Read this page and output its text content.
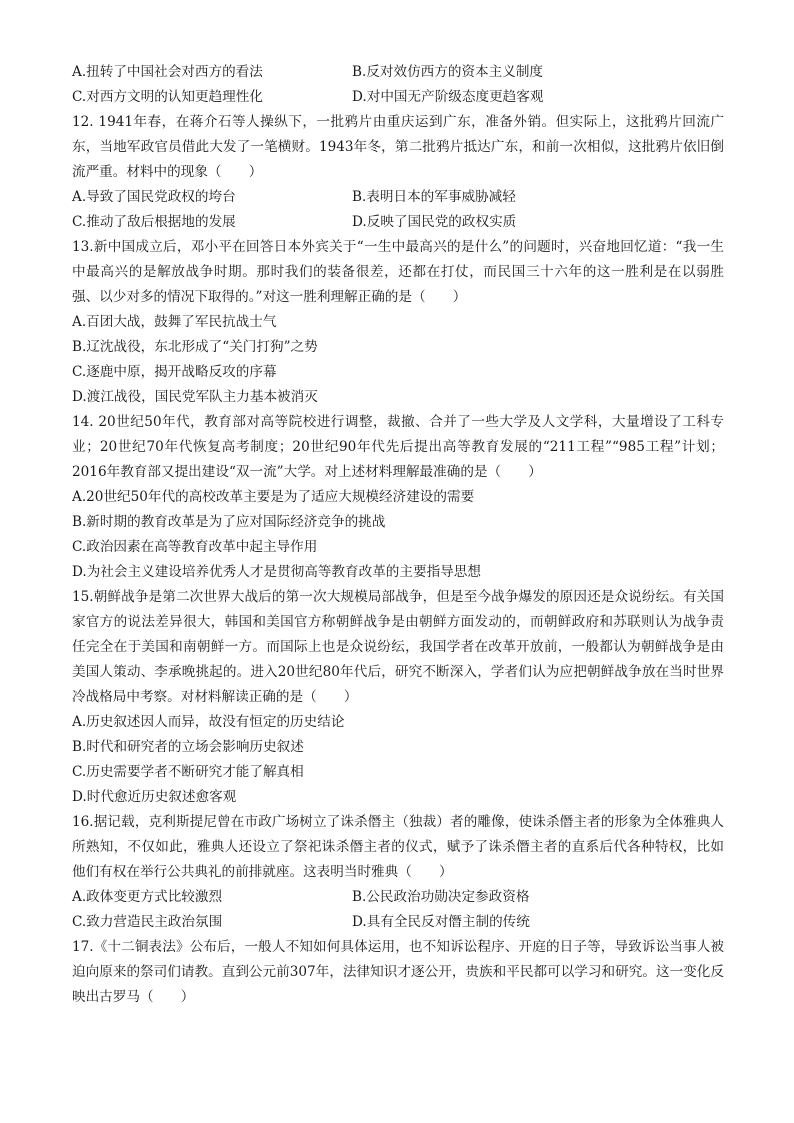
A.扭转了中国社会对西方的看法	B.反对效仿西方的资本主义制度
C.对西方文明的认知更趋理性化	D.对中国无产阶级态度更趋客观
12. 1941年春，在蒋介石等人操纵下，一批鸦片由重庆运到广东，准备外销。但实际上，这批鸦片回流广东，当地军政官员借此大发了一笔横财。1943年冬，第二批鸦片抵达广东，和前一次相似，这批鸦片依旧倒流严重。材料中的现象（　　）
A.导致了国民党政权的垮台	B.表明日本的军事威胁减轻
C.推动了敌后根据地的发展	D.反映了国民党的政权实质
13.新中国成立后，邓小平在回答日本外宾关于“一生中最高兴的是什么”的问题时，兴奋地回忆道：“我一生中最高兴的是解放战争时期。那时我们的装备很差，还都在打仗，而民国三十六年的这一胜利是在以弱胜强、以少对多的情况下取得的。”对这一胜利理解正确的是（　　）
A.百团大战，鼓舞了军民抗战士气
B.辽沈战役，东北形成了“关门打狗”之势
C.逐鹿中原，揭开战略反攻的序幕
D.渡江战役，国民党军队主力基本被消灭
14. 20世纪50年代，教育部对高等院校进行调整，裁撤、合并了一些大学及人文学科，大量增设了工科专业；20世纪70年代恢复高考制度；20世纪90年代先后提出高等教育发展的“211工程”“985工程”计划；2016年教育部又提出建设“双一流”大学。对上述材料理解最准确的是（　　）
A.20世纪50年代的高校改革主要是为了适应大规模经济建设的需要
B.新时期的教育改革是为了应对国际经济竞争的挑战
C.政治因素在高等教育改革中起主导作用
D.为社会主义建设培养优秀人才是贯彻高等教育改革的主要指导思想
15.朝鲜战争是第二次世界大战后的第一次大规模局部战争，但是至今战争爆发的原因还是众说纷纭。有关国家官方的说法差异很大，韩国和美国官方称朝鲜战争是由朝鲜方面发动的，而朝鲜政府和苏联则认为战争责任完全在于美国和南朝鲜一方。而国际上也是众说纷纭，我国学者在改革开放前，一般都认为朝鲜战争是由美国人策动、李承晚挑起的。进入20世纪80年代后，研究不断深入，学者们认为应把朝鲜战争放在当时世界冷战格局中考察。对材料解读正确的是（　　）
A.历史叙述因人而异，故没有恒定的历史结论
B.时代和研究者的立场会影响历史叙述
C.历史需要学者不断研究才能了解真相
D.时代愈近历史叙述愈客观
16.据记载，克利斯提尼曾在市政广场树立了诛杀僭主（独裁）者的雕像，使诛杀僭主者的形象为全体雅典人所熟知，不仅如此，雅典人还设立了祭祀诛杀僭主者的仪式，赋予了诛杀僭主者的直系后代各种特权，比如他们有权在举行公共典礼的前排就座。这表明当时雅典（　　）
A.政体变更方式比较激烈	B.公民政治功勋决定参政资格
C.致力营造民主政治氛围	D.具有全民反对僭主制的传统
17.《十二铜表法》公布后，一般人不知如何具体运用，也不知诉讼程序、开庭的日子等，导致诉讼当事人被迫向原来的祭司们请教。直到公元前307年，法律知识才逐公开，贵族和平民都可以学习和研究。这一变化反映出古罗马（　　）
